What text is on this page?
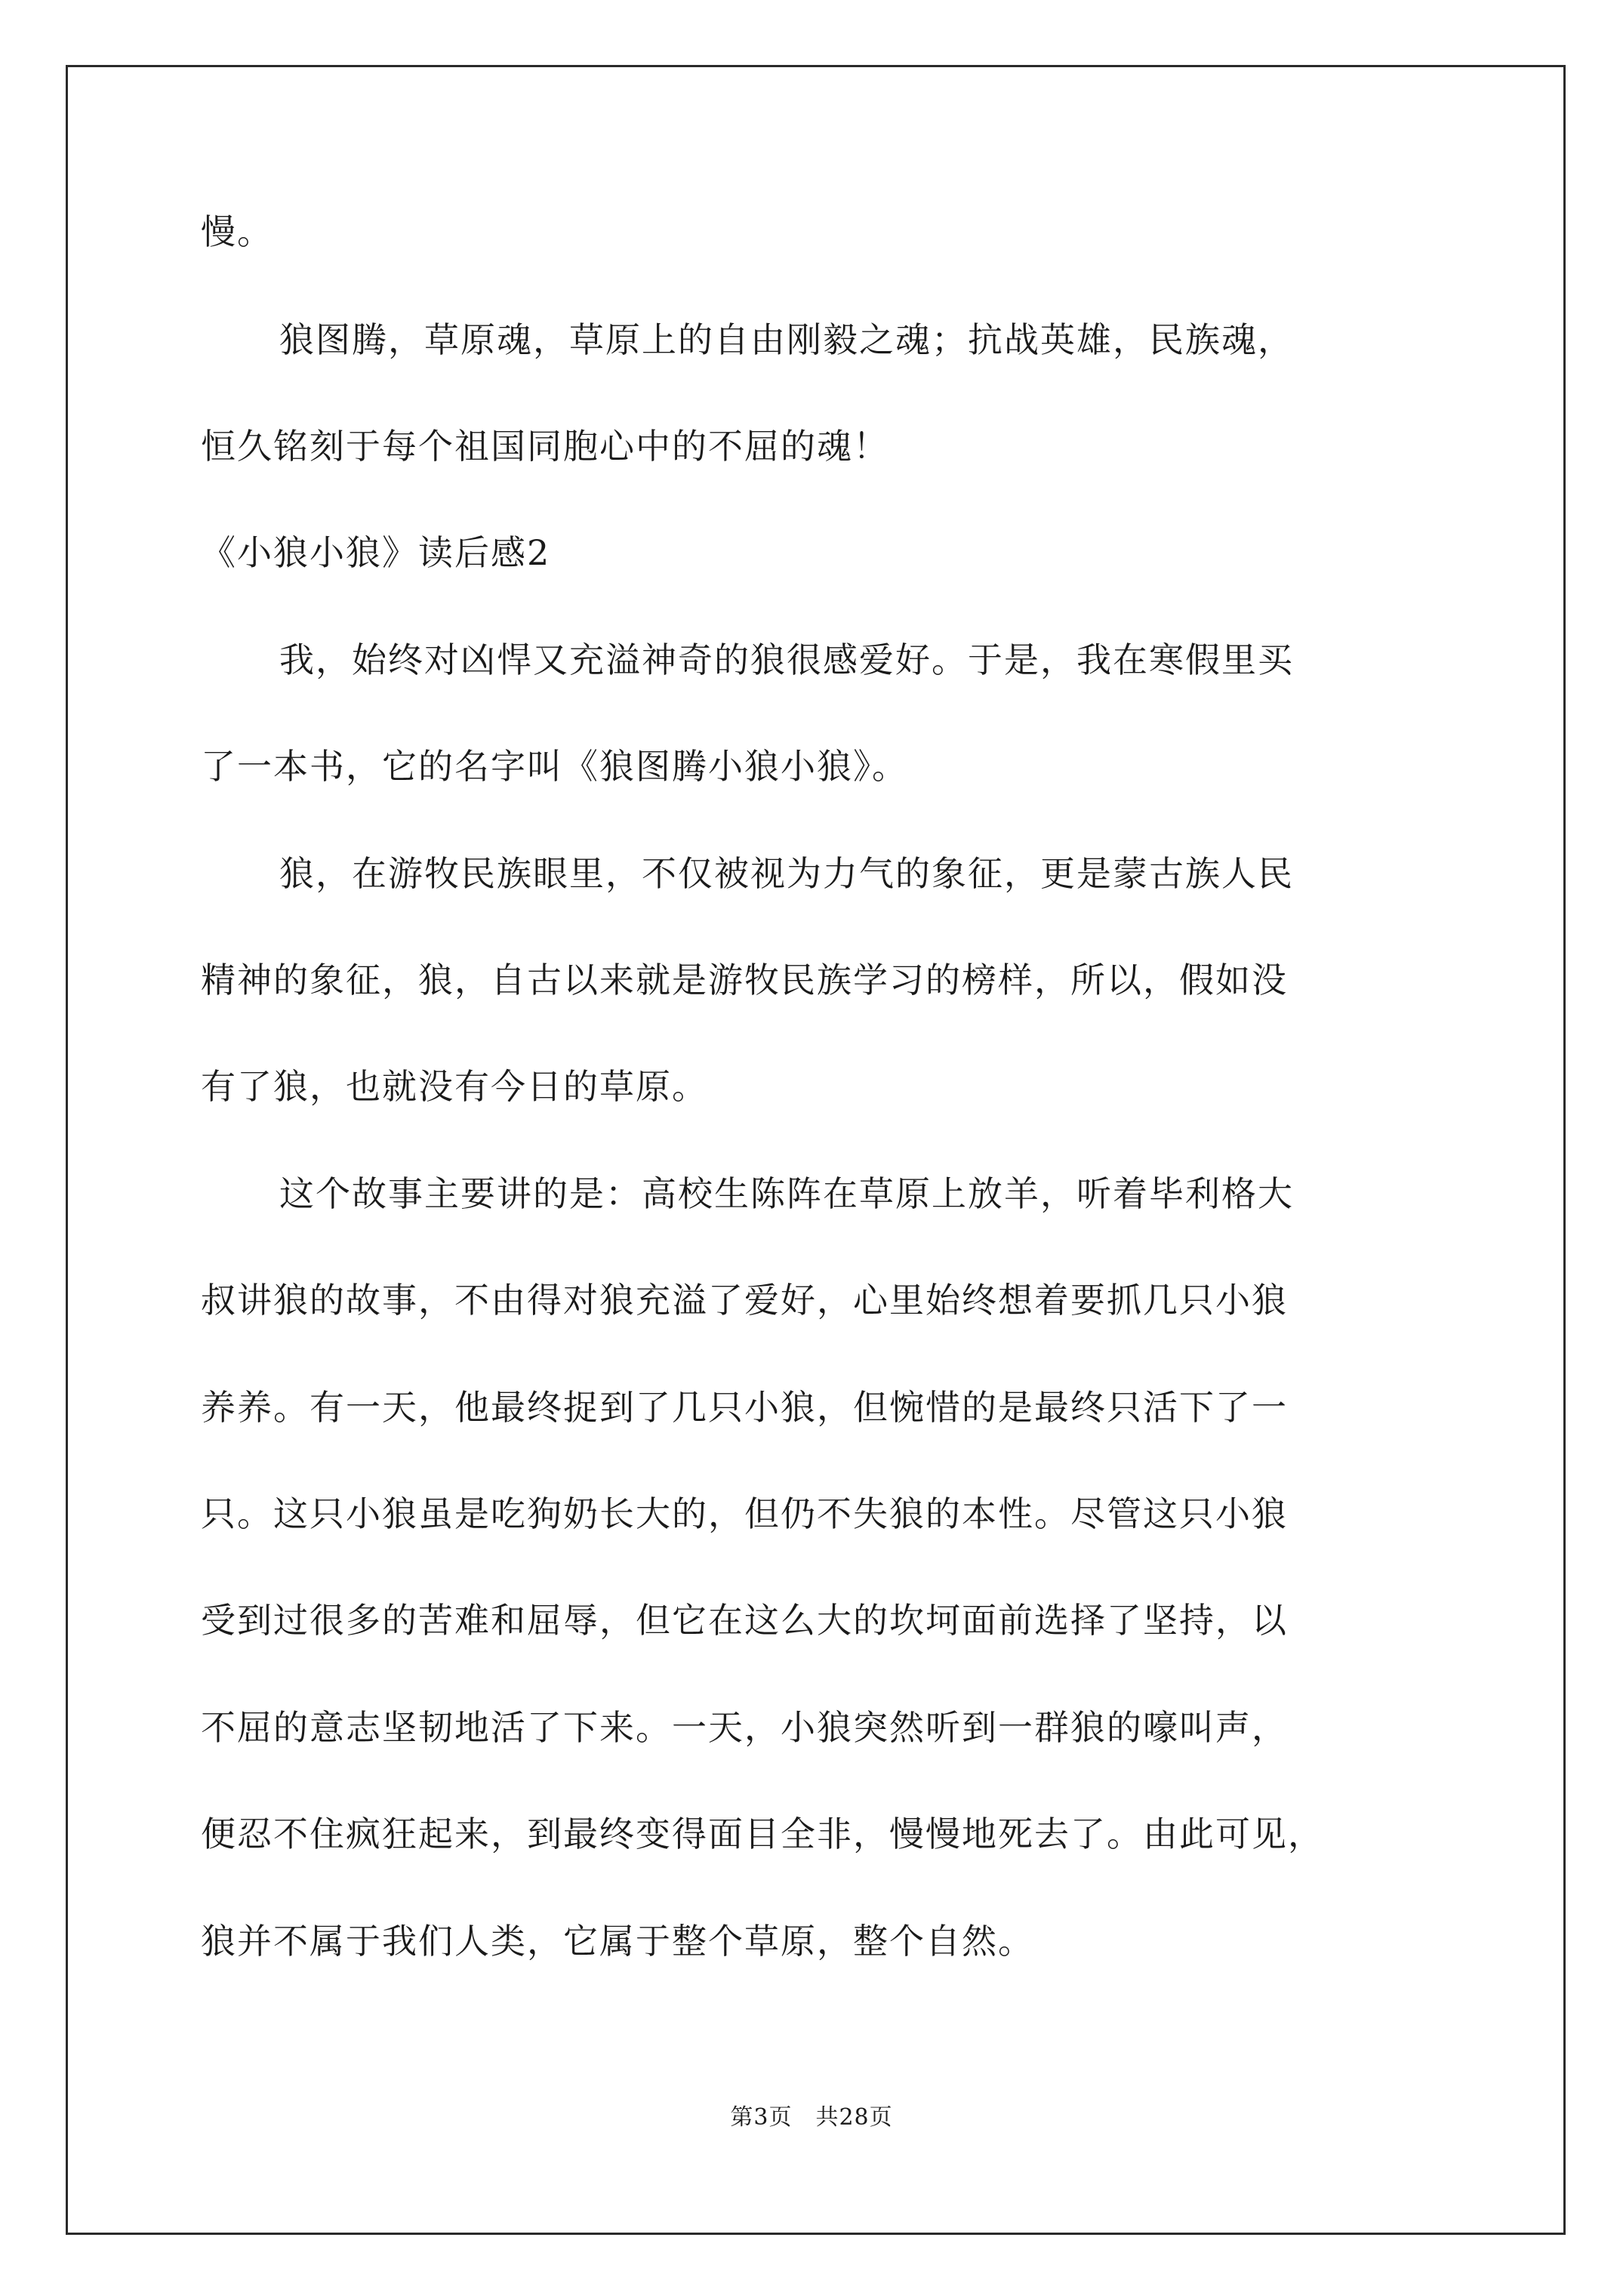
慢。
狼图腾，草原魂，草原上的自由刚毅之魂；抗战英雄，民族魂，
恒久铭刻于每个祖国同胞心中的不屈的魂！
《小狼小狼》读后感2
我，始终对凶悍又充溢神奇的狼很感爱好。于是，我在寒假里买
了一本书，它的名字叫《狼图腾小狼小狼》。
狼，在游牧民族眼里，不仅被视为力气的象征，更是蒙古族人民
精神的象征，狼，自古以来就是游牧民族学习的榜样，所以，假如没
有了狼，也就没有今日的草原。
这个故事主要讲的是：高校生陈阵在草原上放羊，听着毕利格大
叔讲狼的故事，不由得对狼充溢了爱好，心里始终想着要抓几只小狼
养养。有一天，他最终捉到了几只小狼，但惋惜的是最终只活下了一
只。这只小狼虽是吃狗奶长大的，但仍不失狼的本性。尽管这只小狼
受到过很多的苦难和屈辱，但它在这么大的坎坷面前选择了坚持，以
不屈的意志坚韧地活了下来。一天，小狼突然听到一群狼的嚎叫声，
便忍不住疯狂起来，到最终变得面目全非，慢慢地死去了。由此可见，
狼并不属于我们人类，它属于整个草原，整个自然。
第3页　共28页
